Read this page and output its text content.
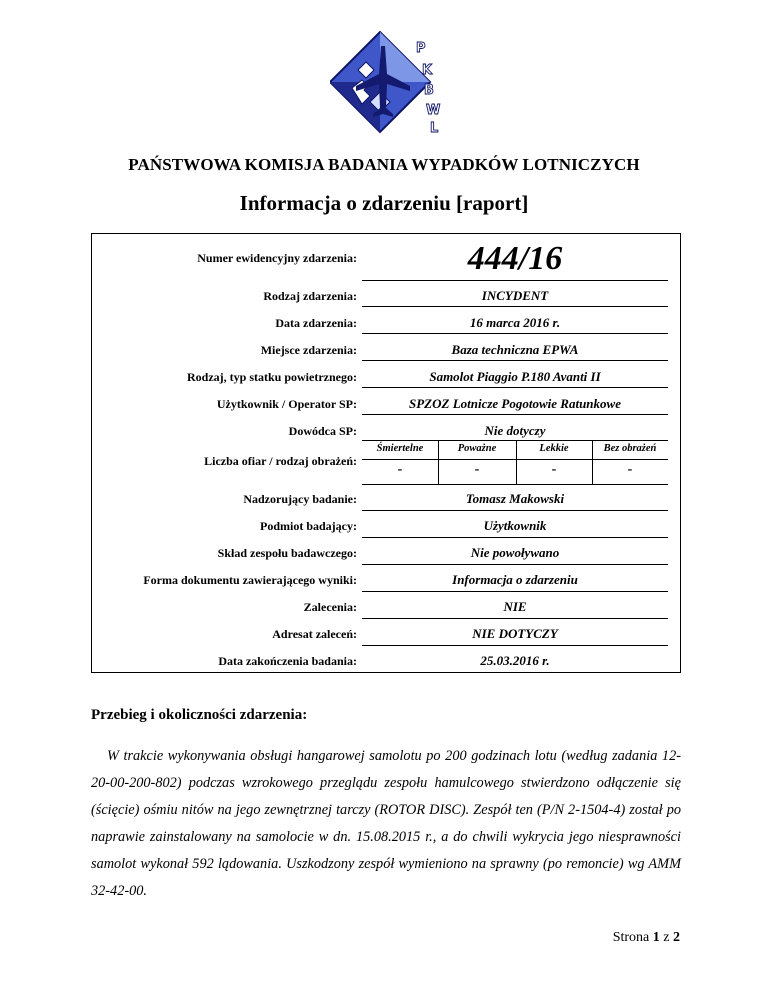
P
K
B
W
L
PAŃSTWOWA KOMISJA BADANIA WYPADKÓW LOTNICZYCH
Informacja o zdarzeniu [raport]
Numer ewidencyjny zdarzenia:	444/16
Rodzaj zdarzenia:	INCYDENT
Data zdarzenia:	16 marca 2016 r.
Miejsce zdarzenia:	Baza techniczna EPWA
Rodzaj, typ statku powietrznego:	Samolot Piaggio P.180 Avanti II
Użytkownik / Operator SP:	SPZOZ Lotnicze Pogotowie Ratunkowe
Dowódca SP:	Nie dotyczy
Liczba ofiar / rodzaj obrażeń:
Śmiertelne	Poważne	Lekkie	Bez obrażeń
-	-	-	-
Nadzorujący badanie:	Tomasz Makowski
Podmiot badający:	Użytkownik
Skład zespołu badawczego:	Nie powoływano
Forma dokumentu zawierającego wyniki:	Informacja o zdarzeniu
Zalecenia:	NIE
Adresat zaleceń:	NIE DOTYCZY
Data zakończenia badania:	25.03.2016 r.
Przebieg i okoliczności zdarzenia:
W trakcie wykonywania obsługi hangarowej samolotu po 200 godzinach lotu (według zadania 12-20-00-200-802) podczas wzrokowego przeglądu zespołu hamulcowego stwierdzono odłączenie się (ścięcie) ośmiu nitów na jego zewnętrznej tarczy (ROTOR DISC). Zespół ten (P/N 2-1504-4) został po naprawie zainstalowany na samolocie w dn. 15.08.2015 r., a do chwili wykrycia jego niesprawności samolot wykonał 592 lądowania. Uszkodzony zespół wymieniono na sprawny (po remoncie) wg AMM 32-42-00.
Strona 1 z 2
